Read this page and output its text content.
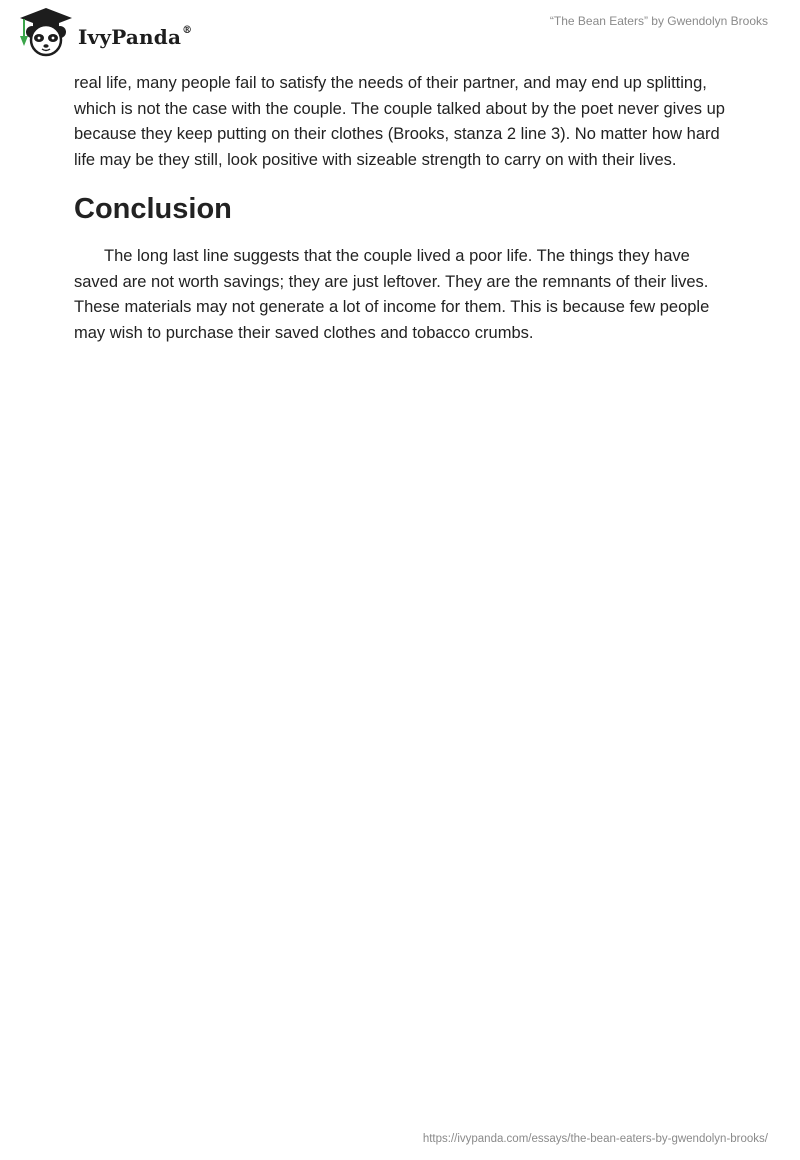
IvyPanda®
“The Bean Eaters” by Gwendolyn Brooks

real life, many people fail to satisfy the needs of their partner, and may end up splitting, which is not the case with the couple. The couple talked about by the poet never gives up because they keep putting on their clothes (Brooks, stanza 2 line 3). No matter how hard life may be they still, look positive with sizeable strength to carry on with their lives.

Conclusion

The long last line suggests that the couple lived a poor life. The things they have saved are not worth savings; they are just leftover. They are the remnants of their lives. These materials may not generate a lot of income for them. This is because few people may wish to purchase their saved clothes and tobacco crumbs.

https://ivypanda.com/essays/the-bean-eaters-by-gwendolyn-brooks/
